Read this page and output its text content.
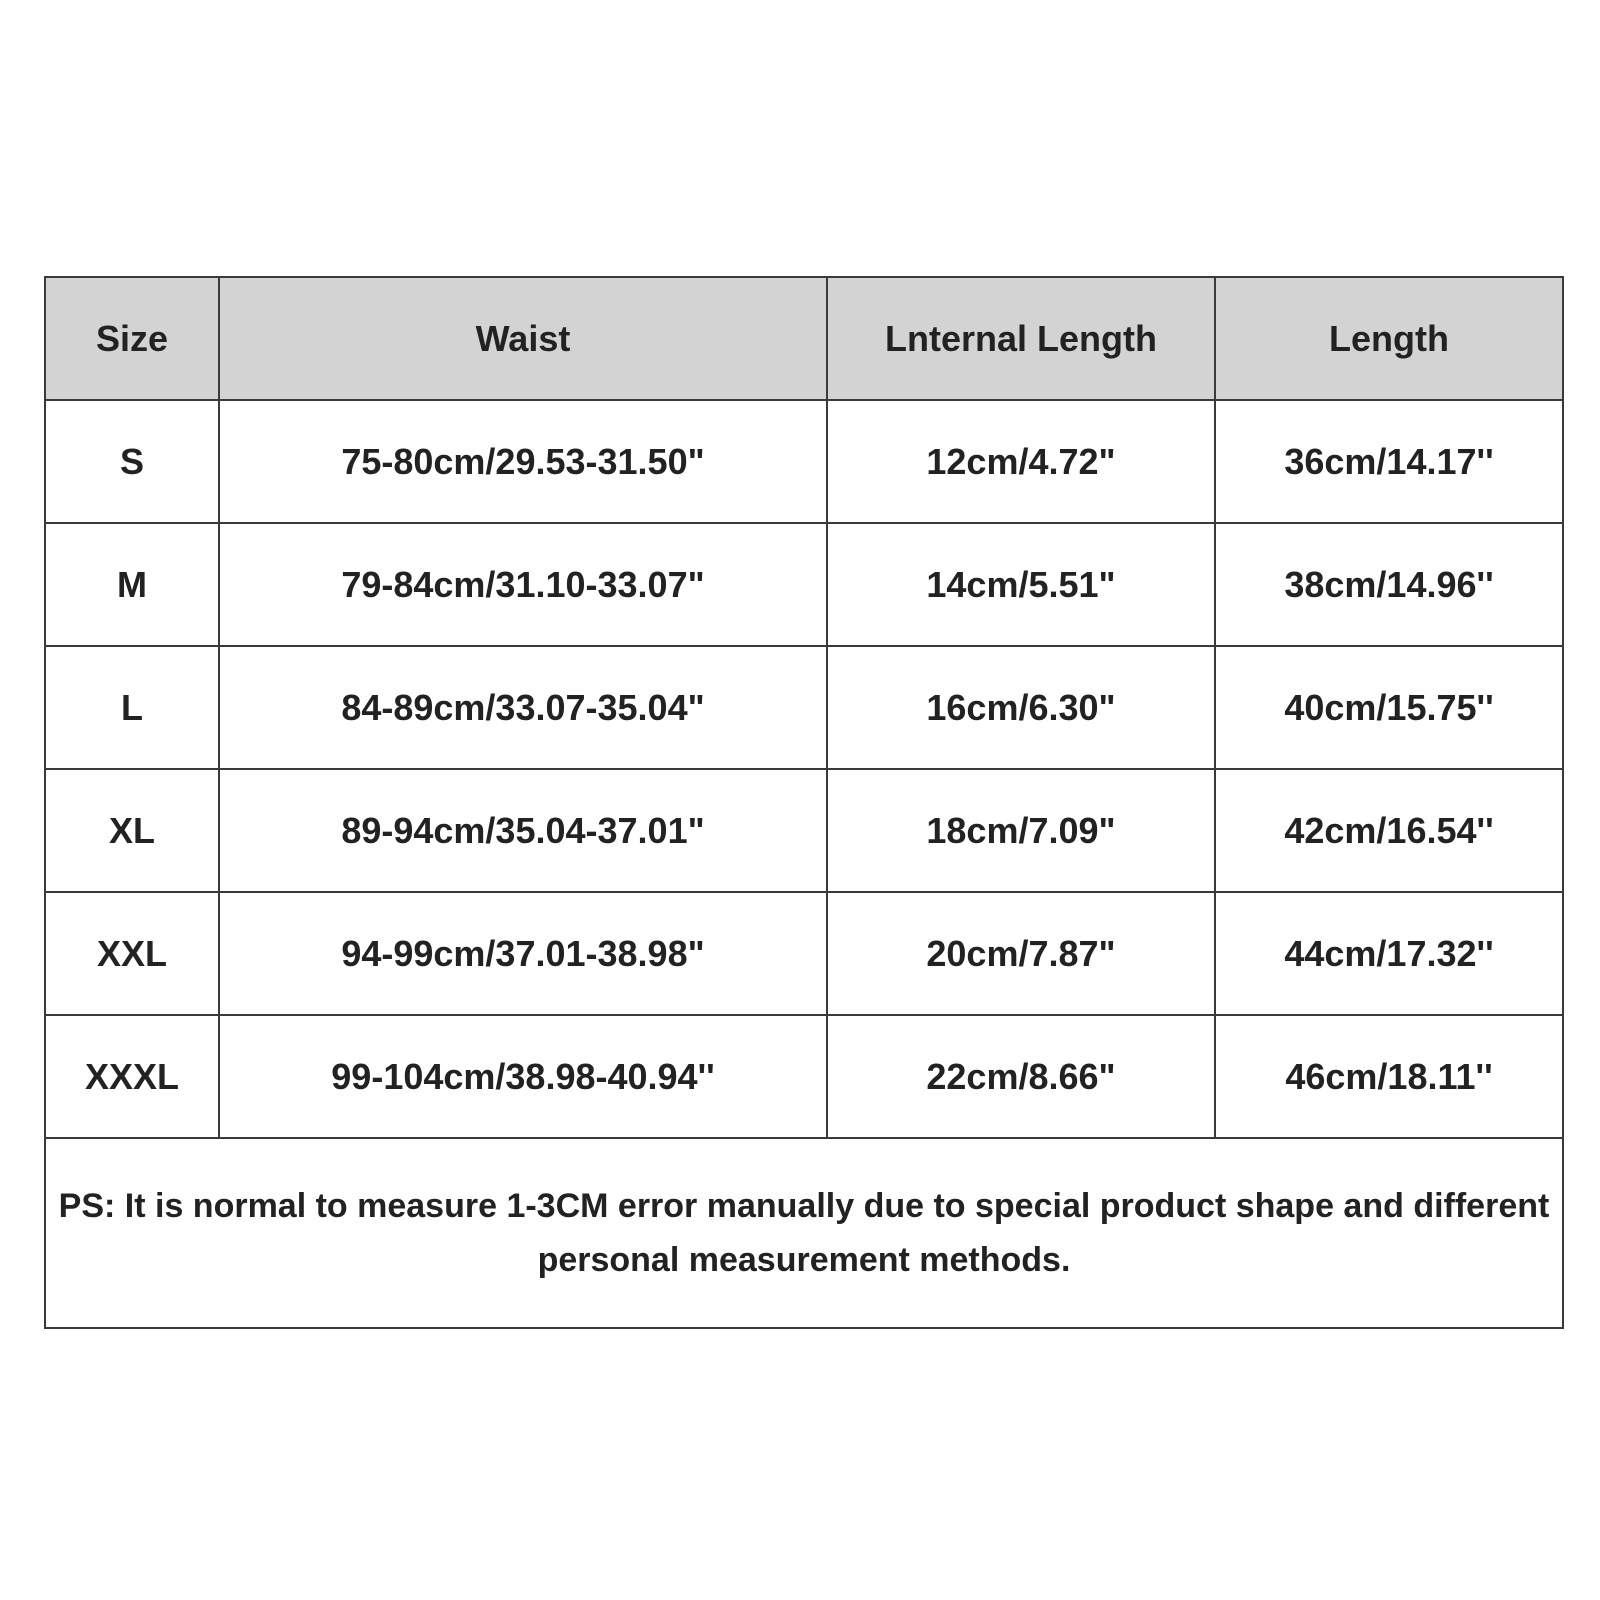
Size	Waist	Lnternal Length	Length
S	75-80cm/29.53-31.50"	12cm/4.72"	36cm/14.17''
M	79-84cm/31.10-33.07"	14cm/5.51"	38cm/14.96''
L	84-89cm/33.07-35.04"	16cm/6.30"	40cm/15.75''
XL	89-94cm/35.04-37.01"	18cm/7.09"	42cm/16.54''
XXL	94-99cm/37.01-38.98"	20cm/7.87"	44cm/17.32''
XXXL	99-104cm/38.98-40.94''	22cm/8.66"	46cm/18.11''
PS: It is normal to measure 1-3CM error manually due to special product shape and different personal measurement methods.			
